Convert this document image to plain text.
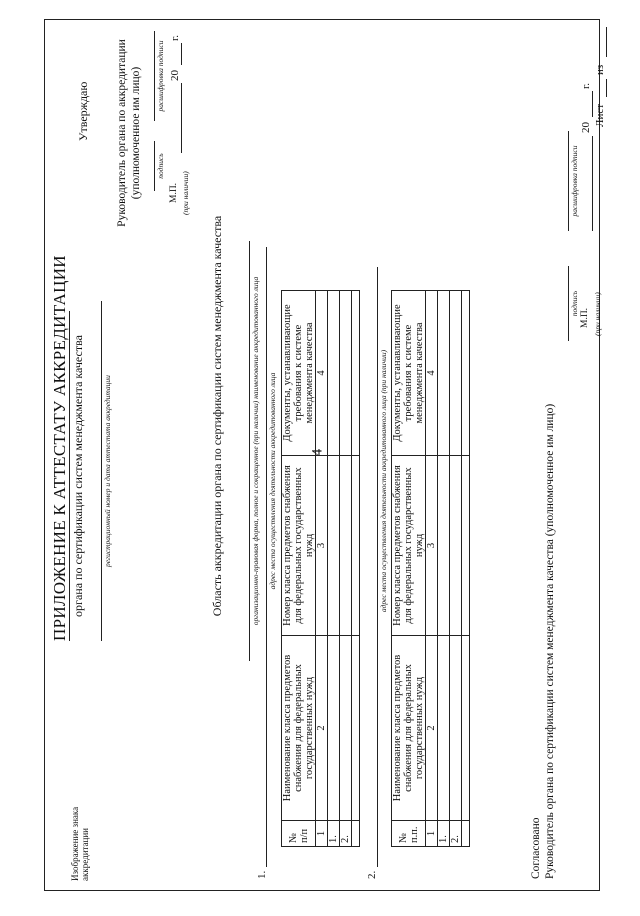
4
Изображение знака аккредитации
ПРИЛОЖЕНИЕ К АТТЕСТАТУ АККРЕДИТАЦИИ органа по сертификации систем менеджмента качества регистрационный номер и дата аттестата аккредитации
Утверждаю Руководитель органа по аккредитации (уполномоченное им лицо) подпись
расшифровка подписи
М.П. (при наличии)
20
г.
Область аккредитации органа по сертификации систем менеджмента качества	организационно-правовая форма, полное и сокращенное (при наличии) наименование аккредитованного лица
1.
адрес места осуществления деятельности аккредитованного лица
№ п/п	Наименование класса предметов снабжения для федеральных государственных нужд	Номер класса предметов снабжения для федеральных государственных нужд	Документы, устанавливающие требования к системе менеджмента качества
1	2	3	4
1.			
2.			

2.
адрес места осуществления деятельности аккредитованного лица (при наличии)
№ п.п.	Наименование класса предметов снабжения для федеральных государственных нужд	Номер класса предметов снабжения для федеральных государственных нужд	Документы, устанавливающие требования к системе менеджмента качества
1	2	3	4
1.			
2.			
				Согласовано Руководитель органа по сертификации систем менеджмента качества (уполномоченное им лицо)
подпись
расшифровка подписи
М.П. (при наличии)
20
г.
Лист
из
